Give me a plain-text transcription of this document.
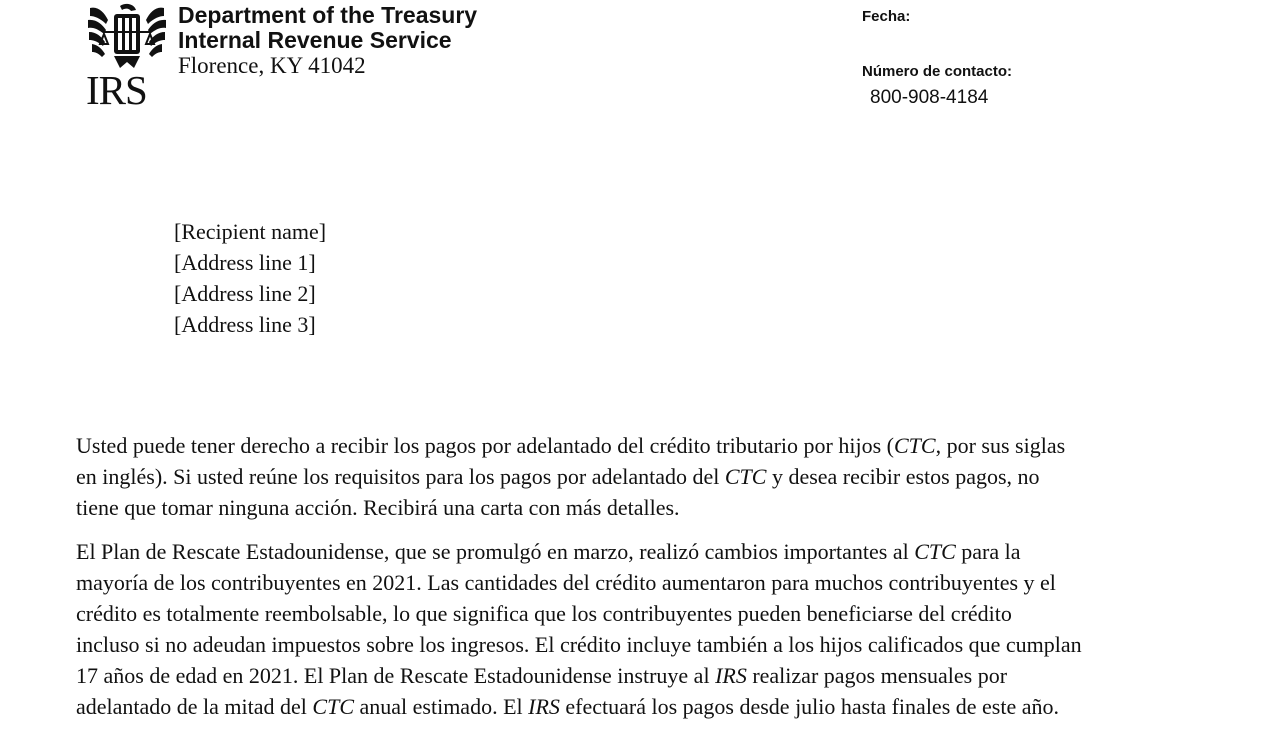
IRS
Department of the Treasury
Internal Revenue Service
Florence, KY 41042
Fecha:
Número de contacto:
800-908-4184
[Recipient name]
[Address line 1]
[Address line 2]
[Address line 3]

Usted puede tener derecho a recibir los pagos por adelantado del crédito tributario por hijos (CTC, por sus siglas
en inglés). Si usted reúne los requisitos para los pagos por adelantado del CTC y desea recibir estos pagos, no
tiene que tomar ninguna acción. Recibirá una carta con más detalles.

El Plan de Rescate Estadounidense, que se promulgó en marzo, realizó cambios importantes al CTC para la
mayoría de los contribuyentes en 2021. Las cantidades del crédito aumentaron para muchos contribuyentes y el
crédito es totalmente reembolsable, lo que significa que los contribuyentes pueden beneficiarse del crédito
incluso si no adeudan impuestos sobre los ingresos. El crédito incluye también a los hijos calificados que cumplan
17 años de edad en 2021. El Plan de Rescate Estadounidense instruye al IRS realizar pagos mensuales por
adelantado de la mitad del CTC anual estimado. El IRS efectuará los pagos desde julio hasta finales de este año.
